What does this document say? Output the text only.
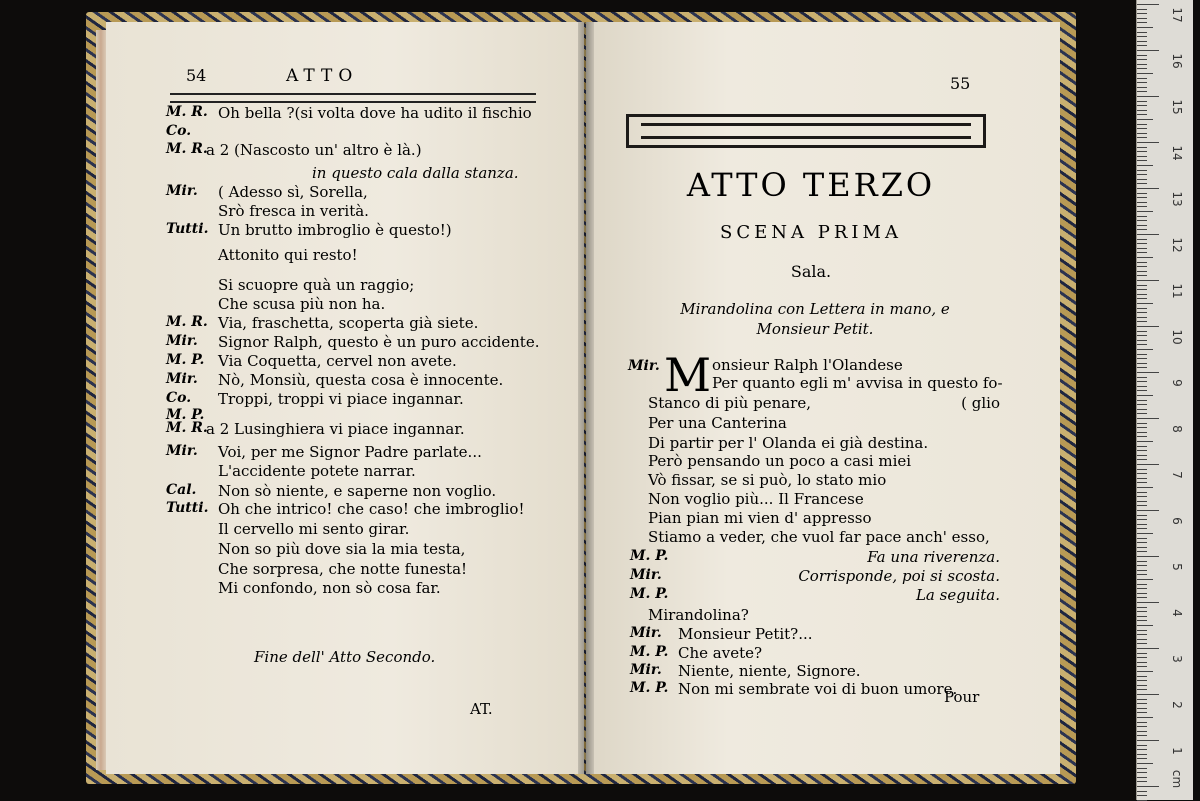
54	ATTO
M. R. Oh bella ?(si volta dove ha udito il fischio
Co.
M. R.
a 2 (Nascosto un' altro è là.)
in questo cala dalla stanza.
Mir. ( Adesso sì, Sorella,
Srò fresca in verità.
Tutti. Un brutto imbroglio è questo!)
Attonito qui resto!
Si scuopre quà un raggio;
Che scusa più non ha.
M. R. Via, fraschetta, scoperta già siete.
Mir. Signor Ralph, questo è un puro accidente.
M. P. Via Coquetta, cervel non avete.
Mir. Nò, Monsiù, questa cosa è innocente.
Co. Troppi, troppi vi piace ingannar.
M. P.
M. R.
a 2 Lusinghiera vi piace ingannar.
Mir. Voi, per me Signor Padre parlate...
L'accidente potete narrar.
Cal. Non sò niente, e saperne non voglio.
Tutti. Oh che intrico! che caso! che imbroglio!
Il cervello mi sento girar.
Non so più dove sia la mia testa,
Che sorpresa, che notte funesta!
Mi confondo, non sò cosa far.
Fine dell' Atto Secondo.
AT.
55
ATTO TERZO
SCENA PRIMA
Sala.
Mirandolina con Lettera in mano, e
Monsieur Petit.
Mir. M onsieur Ralph l'Olandese
Per quanto egli m' avvisa in questo fo-
Stanco di più penare,	( glio
Per una Canterina
Di partir per l' Olanda ei già destina.
Però pensando un poco a casi miei
Vò fissar, se si può, lo stato mio
Non voglio più... Il Francese
Pian pian mi vien d' appresso
Stiamo a veder, che vuol far pace anch' esso,
M. P.	Fa una riverenza.
Mir.	Corrisponde, poi si scosta.
M. P.	La seguita.
Mirandolina?
Mir. Monsieur Petit?...
M. P. Che avete?
Mir. Niente, niente, Signore.
M. P. Non mi sembrate voi di buon umore.
Pour
17
16
15
14
13
12
11
10
9
8
7
6
5
4
3
2
1
cm
